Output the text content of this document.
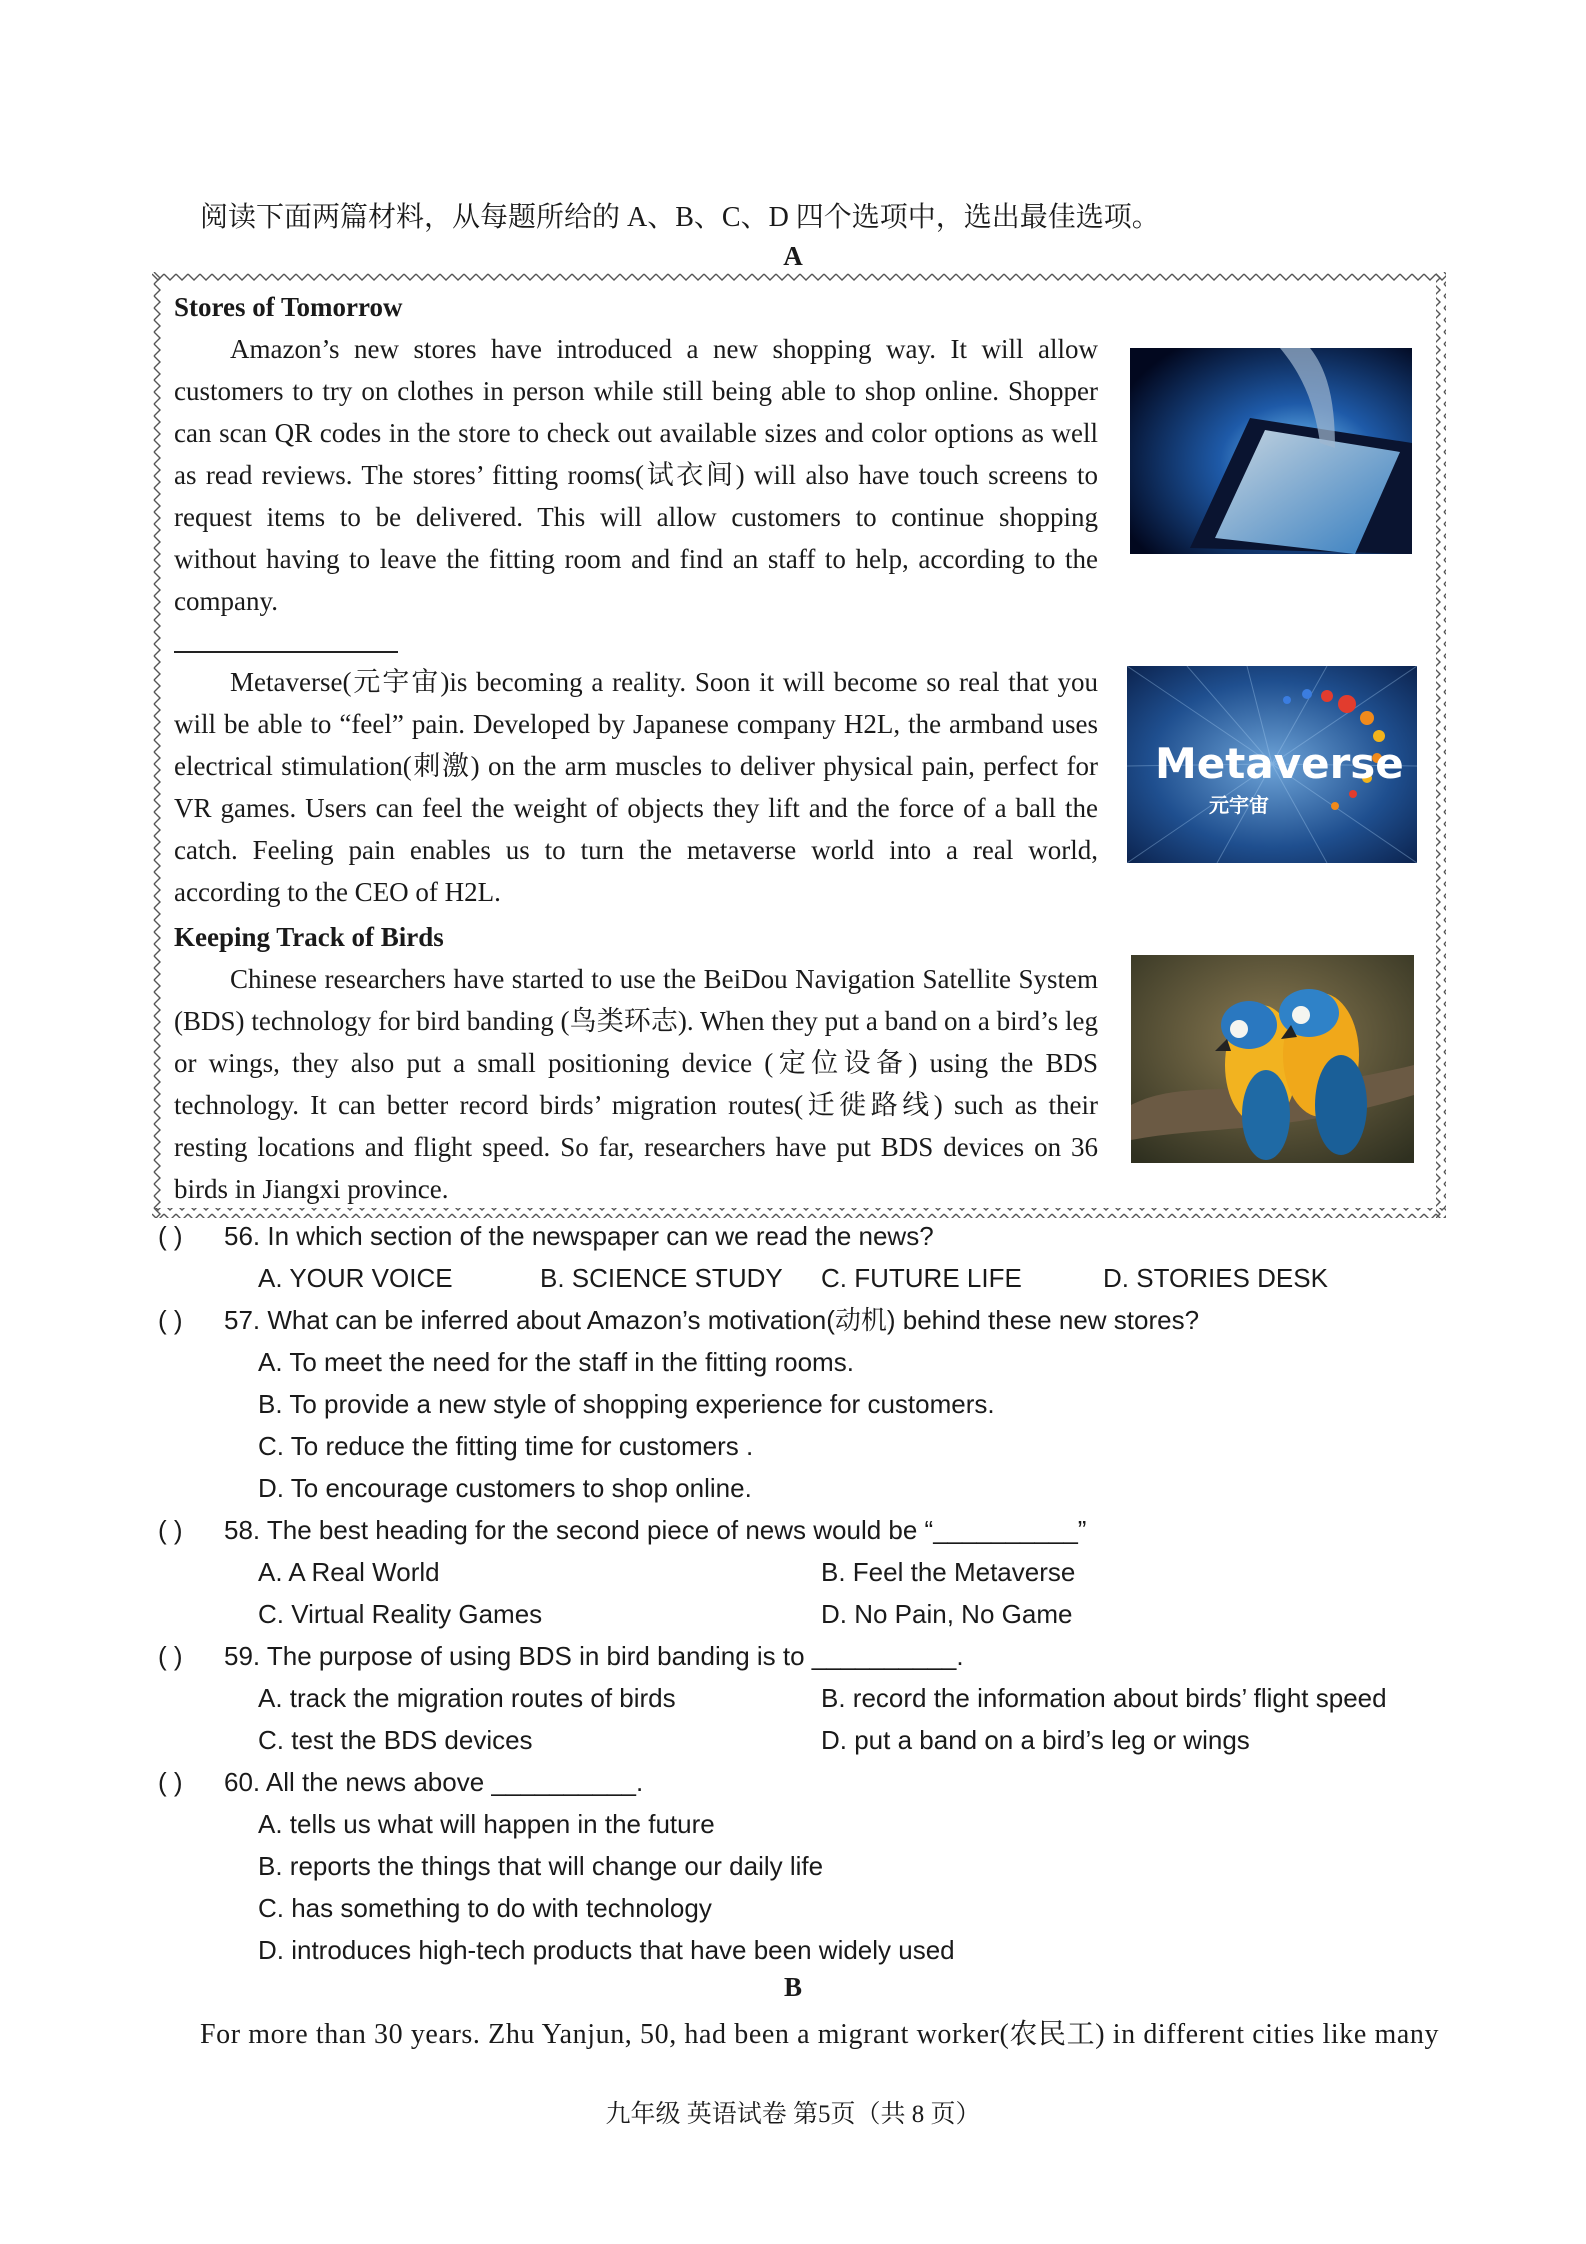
阅读下面两篇材料，从每题所给的 A、B、C、D 四个选项中，选出最佳选项。
A
Stores of Tomorrow

Amazon’s new stores have introduced a new shopping way. It will allow customers to try on clothes in person while still being able to shop online. Shopper can scan QR codes in the store to check out available sizes and color options as well as read reviews. The stores’ fitting rooms(试衣间) will also have touch screens to request items to be delivered. This will allow customers to continue shopping without having to leave the fitting room and find an staff to help, according to the company.

Metaverse(元宇宙)is becoming a reality. Soon it will become so real that you will be able to “feel” pain. Developed by Japanese company H2L, the armband uses electrical stimulation(刺激) on the arm muscles to deliver physical pain, perfect for VR games. Users can feel the weight of objects they lift and the force of a ball the catch. Feeling pain enables us to turn the metaverse world into a real world, according to the CEO of H2L.

Metaverse
元宇宙
Keeping Track of Birds

Chinese researchers have started to use the BeiDou Navigation Satellite System (BDS) technology for bird banding (鸟类环志). When they put a band on a bird’s leg or wings, they also put a small positioning device (定位设备) using the BDS technology. It can better record birds’ migration routes(迁徙路线) such as their resting locations and flight speed. So far, researchers have put BDS devices on 36 birds in Jiangxi province.

( ) 56. In which section of the newspaper can we read the news?
A. YOUR VOICE	B. SCIENCE STUDY C. FUTURE LIFE	D. STORIES DESK
( ) 57. What can be inferred about Amazon’s motivation(动机) behind these new stores?
A. To meet the need for the staff in the fitting rooms.
B. To provide a new style of shopping experience for customers.
C. To reduce the fitting time for customers .
D. To encourage customers to shop online.
( ) 58. The best heading for the second piece of news would be “__________”
A. A Real World	B. Feel the Metaverse
C. Virtual Reality Games	D. No Pain, No Game
( ) 59. The purpose of using BDS in bird banding is to __________.
A. track the migration routes of birds	B. record the information about birds’ flight speed
C. test the BDS devices	D. put a band on a bird’s leg or wings
( ) 60. All the news above __________.
A. tells us what will happen in the future
B. reports the things that will change our daily life
C. has something to do with technology
D. introduces high-tech products that have been widely used
B
For more than 30 years. Zhu Yanjun, 50, had been a migrant worker(农民工) in different cities like many
九年级 英语试卷 第5页（共 8 页）
